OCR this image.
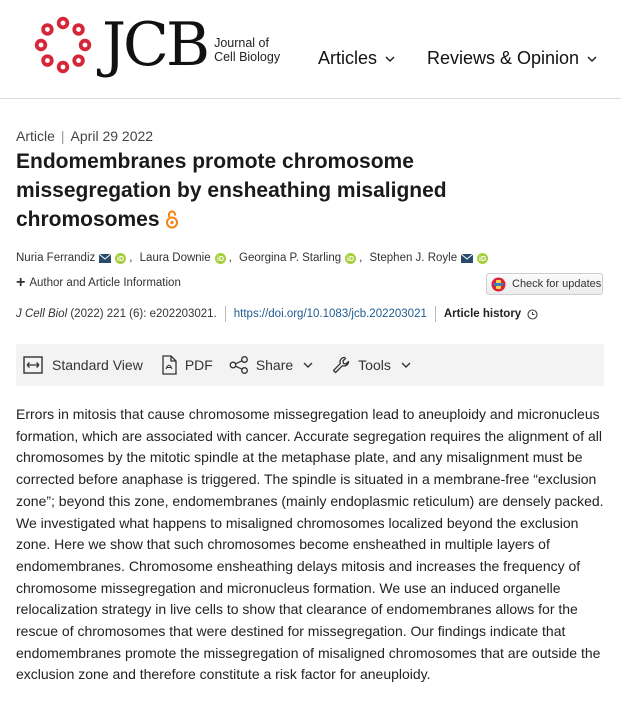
JCB Journal of
Cell Biology Articles	Reviews & Opinion
Article | April 29 2022
Endomembranes promote chromosome missegregation by ensheathing misaligned chromosomes
Nuria Ferrandiz	iD , Laura Downie iD , Georgina P. Starling iD , Stephen J. Royle	iD
+ Author and Article Information	Check for updates
J Cell Biol
(2022) 221 (6): e202203021. https://doi.org/10.1083/jcb.202203021 Article history
Standard View	PDF	Share	Tools

Errors in mitosis that cause chromosome missegregation lead to aneuploidy and micronucleus formation, which are associated with cancer. Accurate segregation requires the alignment of all chromosomes by the mitotic spindle at the metaphase plate, and any misalignment must be corrected before anaphase is triggered. The spindle is situated in a membrane-free “exclusion zone”; beyond this zone, endomembranes (mainly endoplasmic reticulum) are densely packed. We investigated what happens to misaligned chromosomes localized beyond the exclusion zone. Here we show that such chromosomes become ensheathed in multiple layers of endomembranes. Chromosome ensheathing delays mitosis and increases the frequency of chromosome missegregation and micronucleus formation. We use an induced organelle relocalization strategy in live cells to show that clearance of endomembranes allows for the rescue of chromosomes that were destined for missegregation. Our findings indicate that endomembranes promote the missegregation of misaligned chromosomes that are outside the exclusion zone and therefore constitute a risk factor for aneuploidy.
